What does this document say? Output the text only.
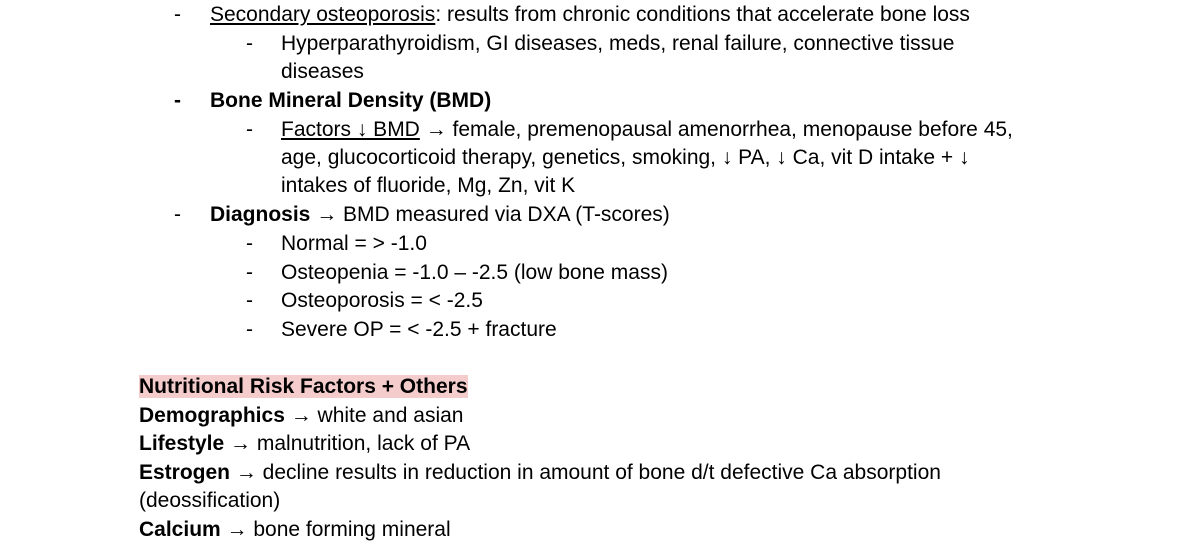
- Secondary osteoporosis: results from chronic conditions that accelerate bone loss
- Hyperparathyroidism, GI diseases, meds, renal failure, connective tissue
diseases
- Bone Mineral Density (BMD)
- Factors ↓ BMD → female, premenopausal amenorrhea, menopause before 45,
age, glucocorticoid therapy, genetics, smoking, ↓ PA, ↓ Ca, vit D intake + ↓
intakes of fluoride, Mg, Zn, vit K
- Diagnosis → BMD measured via DXA (T-scores)
- Normal = > -1.0
- Osteopenia = -1.0 – -2.5 (low bone mass)
- Osteoporosis = < -2.5
- Severe OP = < -2.5 + fracture
Nutritional Risk Factors + Others
Demographics → white and asian
Lifestyle → malnutrition, lack of PA
Estrogen → decline results in reduction in amount of bone d/t defective Ca absorption
(deossification)
Calcium → bone forming mineral
